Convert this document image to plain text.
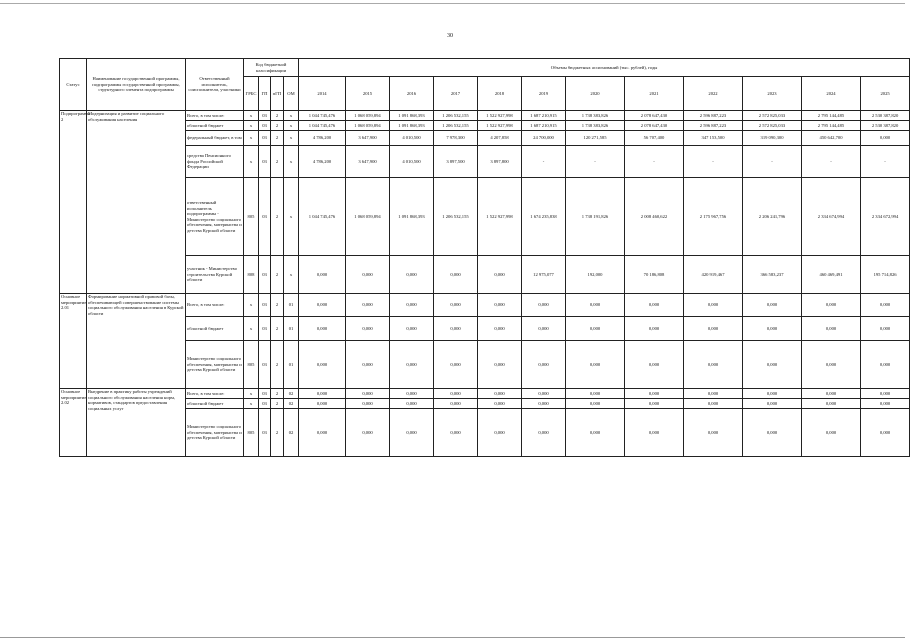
30
Статус	Наименование государственной программы, подпрограммы государственной программы, структурного элемента подпрограммы	Ответственный исполнитель, соисполнители, участники	Код бюджетной классификации				Объемы бюджетных ассигнований (тыс. рублей), годы											
			ГРБС	ГП	пГП	ОМ	2014	2015	2016	2017	2018	2019	2020	2021	2022	2023	2024	2025
Подпрограмма 2	Модернизация и развитие социального обслуживания населения	Всего, в том числе:	x	03	2	x	1 044 745,476	1 068 059,894	1 091 868,393	1 206 532,155	1 522 927,998	1 687 210,915	1 738 383,826	2 078 647,430	2 596 887,223	2 572 825,033	2 795 144,485	2 530 387,820
		областной бюджет	x	03	2	x	1 044 745,476	1 068 059,894	1 091 868,393	1 206 532,155	1 522 927,998	1 687 210,915	1 738 383,826	2 078 647,430	2 596 887,223	2 572 825,033	2 795 144,485	2 530 387,820
		федеральный бюджет, в том	x	03	2	x	4 786,200	3 647,900	4 010,500	7 978,300	4 207,858	24 700,000	120 271,585	56 707,400	347 153,500	319 090,300	450 642,700	0,000
		средства Пенсионного фонда Российской Федерации	x	03	2	x	4 786,200	3 647,900	4 010,500	3 897,500	3 897,800	-	-	-	-	-	-	-
		ответственный исполнитель подпрограммы - Министерство социального обеспечения, материнства и детства Курской области	805	03	2	x	1 044 745,476	1 068 059,894	1 091 868,393	1 206 532,155	1 522 927,998	1 674 235,838	1 738 191,826	2 008 460,622	2 175 967,756	2 206 241,796	2 334 674,994	2 334 672,994
		участник - Министерство строительства Курской области	808	03	2	x	0,000	0,000	0,000	0,000	0,000	12 975,077	192,000	70 186,808	420 919,467	366 583,237	460 469,491	195 714,826
Основное мероприятие 2.01	Формирование нормативной правовой базы, обеспечивающей совершенствование системы социального обслуживания населения в Курской области	Всего, в том числе:	x	03	2	01	0,000	0,000	0,000	0,000	0,000	0,000	0,000	0,000	0,000	0,000	0,000	0,000
		областной бюджет	x	03	2	01	0,000	0,000	0,000	0,000	0,000	0,000	0,000	0,000	0,000	0,000	0,000	0,000
		Министерство социального обеспечения, материнства и детства Курской области	805	03	2	01	0,000	0,000	0,000	0,000	0,000	0,000	0,000	0,000	0,000	0,000	0,000	0,000
Основное мероприятие 2.02	Внедрение в практику работы учреждений социального обслуживания населения норм, нормативов, стандартов предоставления социальных услуг	Всего, в том числе:	x	03	2	02	0,000	0,000	0,000	0,000	0,000	0,000	0,000	0,000	0,000	0,000	0,000	0,000
		областной бюджет	x	03	2	02	0,000	0,000	0,000	0,000	0,000	0,000	0,000	0,000	0,000	0,000	0,000	0,000
		Министерство социального обеспечения, материнства и детства Курской области	805	03	2	02	0,000	0,000	0,000	0,000	0,000	0,000	0,000	0,000	0,000	0,000	0,000	0,000
